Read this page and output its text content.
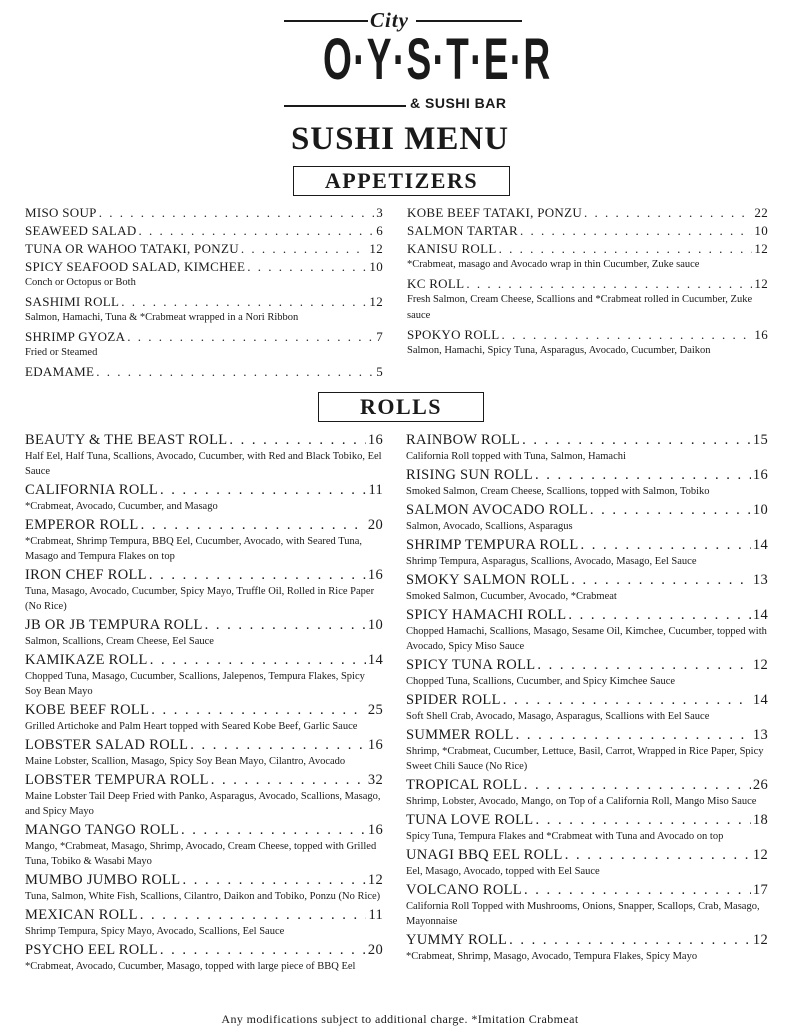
City
O·Y·S·T·E·R
& SUSHI BAR
SUSHI MENU
APPETIZERS
MISO SOUP . . .	3
SEAWEED SALAD . . .	6
TUNA OR WAHOO TATAKI, PONZU . . .	12
SPICY SEAFOOD SALAD, KIMCHEE . . .	10
Conch or Octopus or Both
SASHIMI ROLL . . .	12
Salmon, Hamachi, Tuna & *Crabmeat wrapped in a Nori Ribbon
SHRIMP GYOZA . . .	7
Fried or Steamed
EDAMAME . . .	5
KOBE BEEF TATAKI, PONZU . . .	22
SALMON TARTAR . . .	10
KANISU ROLL . . .	12
*Crabmeat, masago and Avocado wrap in thin Cucumber, Zuke sauce
KC ROLL . . .	12
Fresh Salmon, Cream Cheese, Scallions and *Crabmeat rolled in Cucumber, Zuke sauce
SPOKYO ROLL . . .	16
Salmon, Hamachi, Spicy Tuna, Asparagus, Avocado, Cucumber, Daikon
ROLLS
BEAUTY & THE BEAST ROLL . . .	16
Half Eel, Half Tuna, Scallions, Avocado, Cucumber, with Red and Black Tobiko, Eel Sauce
CALIFORNIA ROLL . . .	11
*Crabmeat, Avocado, Cucumber, and Masago
EMPEROR ROLL . . .	20
*Crabmeat, Shrimp Tempura, BBQ Eel, Cucumber, Avocado, with Seared Tuna, Masago and Tempura Flakes on top
IRON CHEF ROLL . . .	16
Tuna, Masago, Avocado, Cucumber, Spicy Mayo, Truffle Oil, Rolled in Rice Paper (No Rice)
JB OR JB TEMPURA ROLL . . .	10
Salmon, Scallions, Cream Cheese, Eel Sauce
KAMIKAZE ROLL . . .	14
Chopped Tuna, Masago, Cucumber, Scallions, Jalepenos, Tempura Flakes, Spicy Soy Bean Mayo
KOBE BEEF ROLL . . .	25
Grilled Artichoke and Palm Heart topped with Seared Kobe Beef, Garlic Sauce
LOBSTER SALAD ROLL . . .	16
Maine Lobster, Scallion, Masago, Spicy Soy Bean Mayo, Cilantro, Avocado
LOBSTER TEMPURA ROLL . . .	32
Maine Lobster Tail Deep Fried with Panko, Asparagus, Avocado, Scallions, Masago, and Spicy Mayo
MANGO TANGO ROLL . . .	16
Mango, *Crabmeat, Masago, Shrimp, Avocado, Cream Cheese, topped with Grilled Tuna, Tobiko & Wasabi Mayo
MUMBO JUMBO ROLL . . .	12
Tuna, Salmon, White Fish, Scallions, Cilantro, Daikon and Tobiko, Ponzu (No Rice)
MEXICAN ROLL . . .	11
Shrimp Tempura, Spicy Mayo, Avocado, Scallions, Eel Sauce
PSYCHO EEL ROLL . . .	20
*Crabmeat, Avocado, Cucumber, Masago, topped with large piece of BBQ Eel
RAINBOW ROLL . . .	15
California Roll topped with Tuna, Salmon, Hamachi
RISING SUN ROLL . . .	16
Smoked Salmon, Cream Cheese, Scallions, topped with Salmon, Tobiko
SALMON AVOCADO ROLL . . .	10
Salmon, Avocado, Scallions, Asparagus
SHRIMP TEMPURA ROLL . . .	14
Shrimp Tempura, Asparagus, Scallions, Avocado, Masago, Eel Sauce
SMOKY SALMON ROLL . . .	13
Smoked Salmon, Cucumber, Avocado, *Crabmeat
SPICY HAMACHI ROLL . . .	14
Chopped Hamachi, Scallions, Masago, Sesame Oil, Kimchee, Cucumber, topped with Avocado, Spicy Miso Sauce
SPICY TUNA ROLL . . .	12
Chopped Tuna, Scallions, Cucumber, and Spicy Kimchee Sauce
SPIDER ROLL . . .	14
Soft Shell Crab, Avocado, Masago, Asparagus, Scallions with Eel Sauce
SUMMER ROLL . . .	13
Shrimp, *Crabmeat, Cucumber, Lettuce, Basil, Carrot, Wrapped in Rice Paper, Spicy Sweet Chili Sauce (No Rice)
TROPICAL ROLL . . .	26
Shrimp, Lobster, Avocado, Mango, on Top of a California Roll, Mango Miso Sauce
TUNA LOVE ROLL . . .	18
Spicy Tuna, Tempura Flakes and *Crabmeat with Tuna and Avocado on top
UNAGI BBQ EEL ROLL . . .	12
Eel, Masago, Avocado, topped with Eel Sauce
VOLCANO ROLL . . .	17
California Roll Topped with Mushrooms, Onions, Snapper, Scallops, Crab, Masago, Mayonnaise
YUMMY ROLL . . .	12
*Crabmeat, Shrimp, Masago, Avocado, Tempura Flakes, Spicy Mayo
Any modifications subject to additional charge. *Imitation Crabmeat
